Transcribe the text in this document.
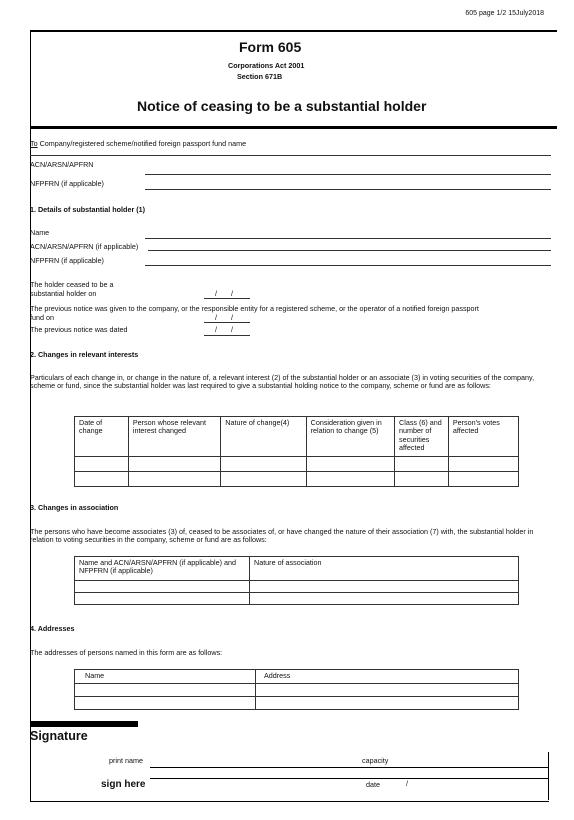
605 page 1/2 15July2018
Form 605
Corporations Act 2001
Section 671B
Notice of ceasing to be a substantial holder
To Company/registered scheme/notified foreign passport fund name
ACN/ARSN/APFRN
NFPFRN (if applicable)
1. Details of substantial holder (1)
Name
ACN/ARSN/APFRN (if applicable)
NFPFRN (if applicable)
The holder ceased to be a
substantial holder on	/       /
The previous notice was given to the company, or the responsible entity for a registered scheme, or the operator of a notified foreign passport
fund on	/       /
The previous notice was dated	/       /
2. Changes in relevant interests
Particulars of each change in, or change in the nature of, a relevant interest (2) of the substantial holder or an associate (3) in voting securities of the company, scheme or fund, since the substantial holder was last required to give a substantial holding notice to the company, scheme or fund are as follows:
Date of change	Person whose relevant interest changed	Nature of change(4)	Consideration given in relation to change (5)	Class (6) and number of securities affected	Person's votes affected

3. Changes in association
The persons who have become associates (3) of, ceased to be associates of, or have changed the nature of their association (7) with, the substantial holder in relation to voting securities in the company, scheme or fund are as follows:
Name and ACN/ARSN/APFRN (if applicable) and NFPFRN (if applicable)	Nature of association

4. Addresses
The addresses of persons named in this form are as follows:
Name	Address

Signature
print name	capacity
sign here	date	/
